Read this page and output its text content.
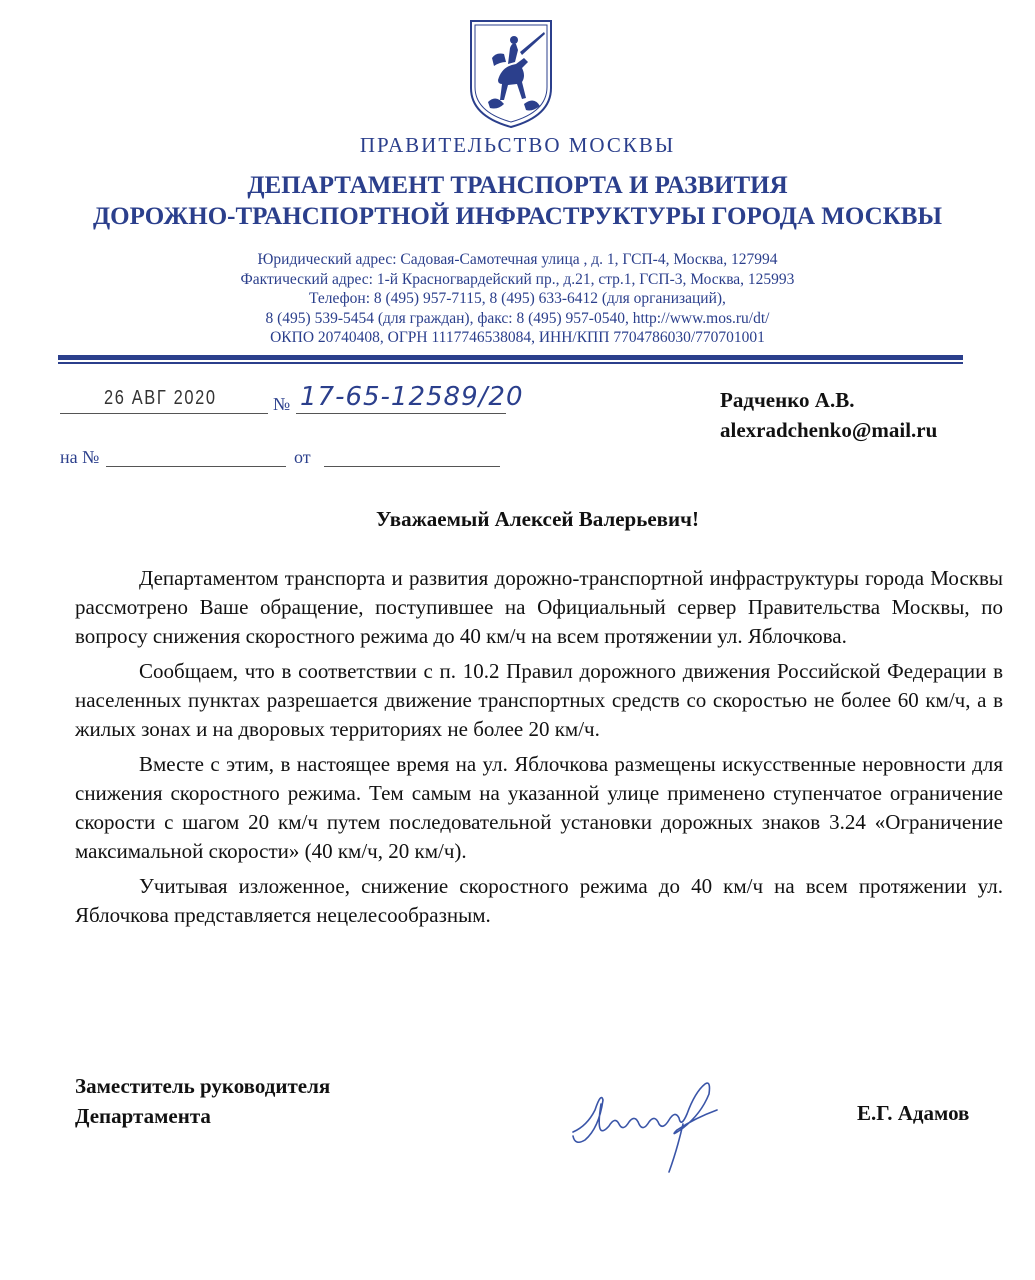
ПРАВИТЕЛЬСТВО МОСКВЫ
ДЕПАРТАМЕНТ ТРАНСПОРТА И РАЗВИТИЯ
ДОРОЖНО-ТРАНСПОРТНОЙ ИНФРАСТРУКТУРЫ ГОРОДА МОСКВЫ
Юридический адрес: Садовая-Самотечная улица , д. 1, ГСП-4, Москва, 127994
Фактический адрес: 1-й Красногвардейский пр., д.21, стр.1, ГСП-3, Москва, 125993
Телефон: 8 (495) 957-7115, 8 (495) 633-6412 (для организаций),
8 (495) 539-5454 (для граждан), факс: 8 (495) 957-0540, http://www.mos.ru/dt/
ОКПО 20740408, ОГРН 1117746538084, ИНН/КПП 7704786030/770701001
26 АВГ 2020	№ 17-65-12589/20
на №	от
Радченко А.В.
alexradchenko@mail.ru
Уважаемый Алексей Валерьевич!

Департаментом транспорта и развития дорожно-транспортной инфраструктуры города Москвы рассмотрено Ваше обращение, поступившее на Официальный сервер Правительства Москвы, по вопросу снижения скоростного режима до 40 км/ч на всем протяжении ул. Яблочкова.

Сообщаем, что в соответствии с п. 10.2 Правил дорожного движения Российской Федерации в населенных пунктах разрешается движение транспортных средств со скоростью не более 60 км/ч, а в жилых зонах и на дворовых территориях не более 20 км/ч.

Вместе с этим, в настоящее время на ул. Яблочкова размещены искусственные неровности для снижения скоростного режима. Тем самым на указанной улице применено ступенчатое ограничение скорости с шагом 20 км/ч путем последовательной установки дорожных знаков 3.24 «Ограничение максимальной скорости» (40 км/ч, 20 км/ч).

Учитывая изложенное, снижение скоростного режима до 40 км/ч на всем протяжении ул. Яблочкова представляется нецелесообразным.

Заместитель руководителя
Департамента	Е.Г. Адамов
